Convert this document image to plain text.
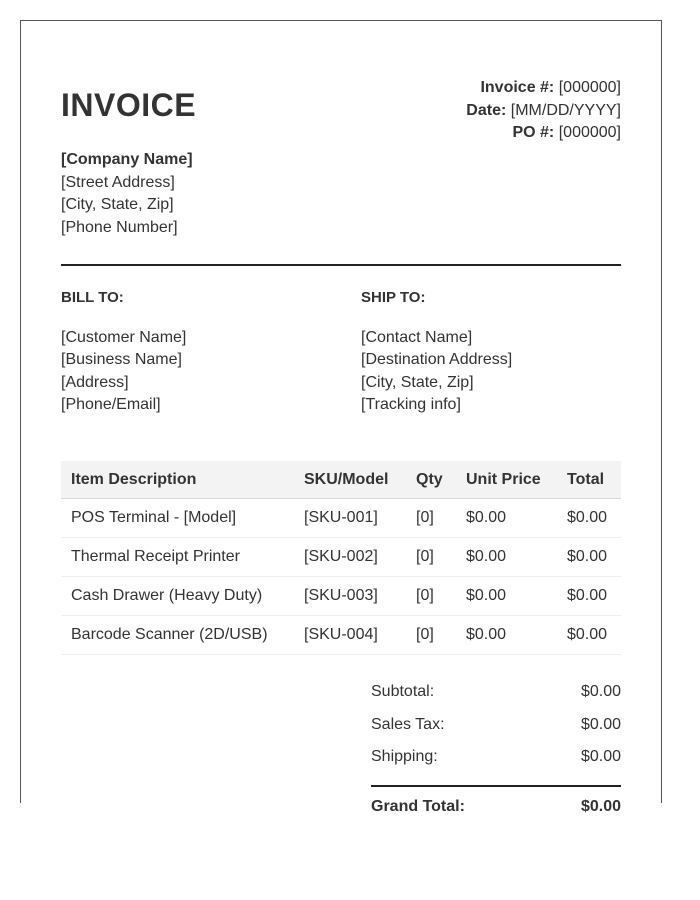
INVOICE	Invoice #: [000000]
Date: [MM/DD/YYYY]
PO #: [000000]
[Company Name]
[Street Address]
[City, State, Zip]
[Phone Number]
BILL TO:
[Customer Name]
[Business Name]
[Address]
[Phone/Email]
SHIP TO:
[Contact Name]
[Destination Address]
[City, State, Zip]
[Tracking info]
Item Description	SKU/Model	Qty	Unit Price	Total
POS Terminal - [Model]	[SKU-001]	[0]	$0.00	$0.00
Thermal Receipt Printer	[SKU-002]	[0]	$0.00	$0.00
Cash Drawer (Heavy Duty)	[SKU-003]	[0]	$0.00	$0.00
Barcode Scanner (2D/USB)	[SKU-004]	[0]	$0.00	$0.00
Subtotal:	$0.00
Sales Tax:	$0.00
Shipping:	$0.00
Grand Total:	$0.00
